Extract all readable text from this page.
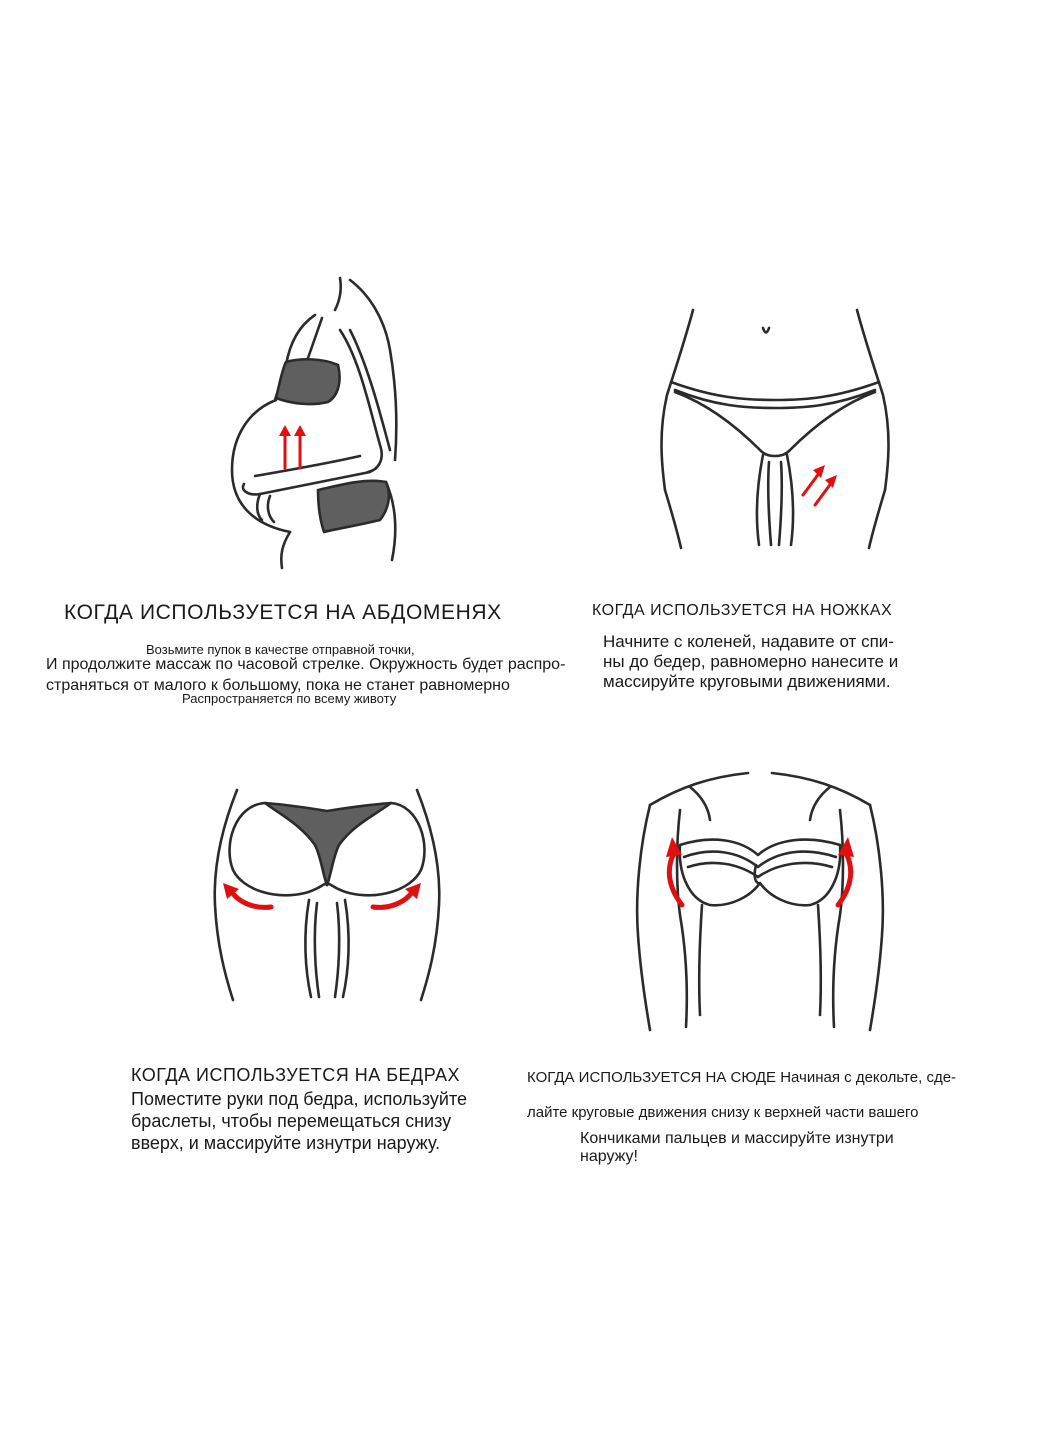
КОГДА ИСПОЛЬЗУЕТСЯ НА АБДОМЕНЯХ
Возьмите пупок в качестве отправной точки,
И продолжите массаж по часовой стрелке. Окружность будет распро-
страняться от малого к большому, пока не станет равномерно
Распространяется по всему животу
КОГДА ИСПОЛЬЗУЕТСЯ НА НОЖКАХ
Начните с коленей, надавите от спи-
ны до бедер, равномерно нанесите и
массируйте круговыми движениями.
КОГДА ИСПОЛЬЗУЕТСЯ НА БЕДРАХ
Поместите руки под бедра, используйте
браслеты, чтобы перемещаться снизу
вверх, и массируйте изнутри наружу.
КОГДА ИСПОЛЬЗУЕТСЯ НА СЮДЕ Начиная с декольте, сде-
лайте круговые движения снизу к верхней части вашего
Кончиками пальцев и массируйте изнутри
наружу!
